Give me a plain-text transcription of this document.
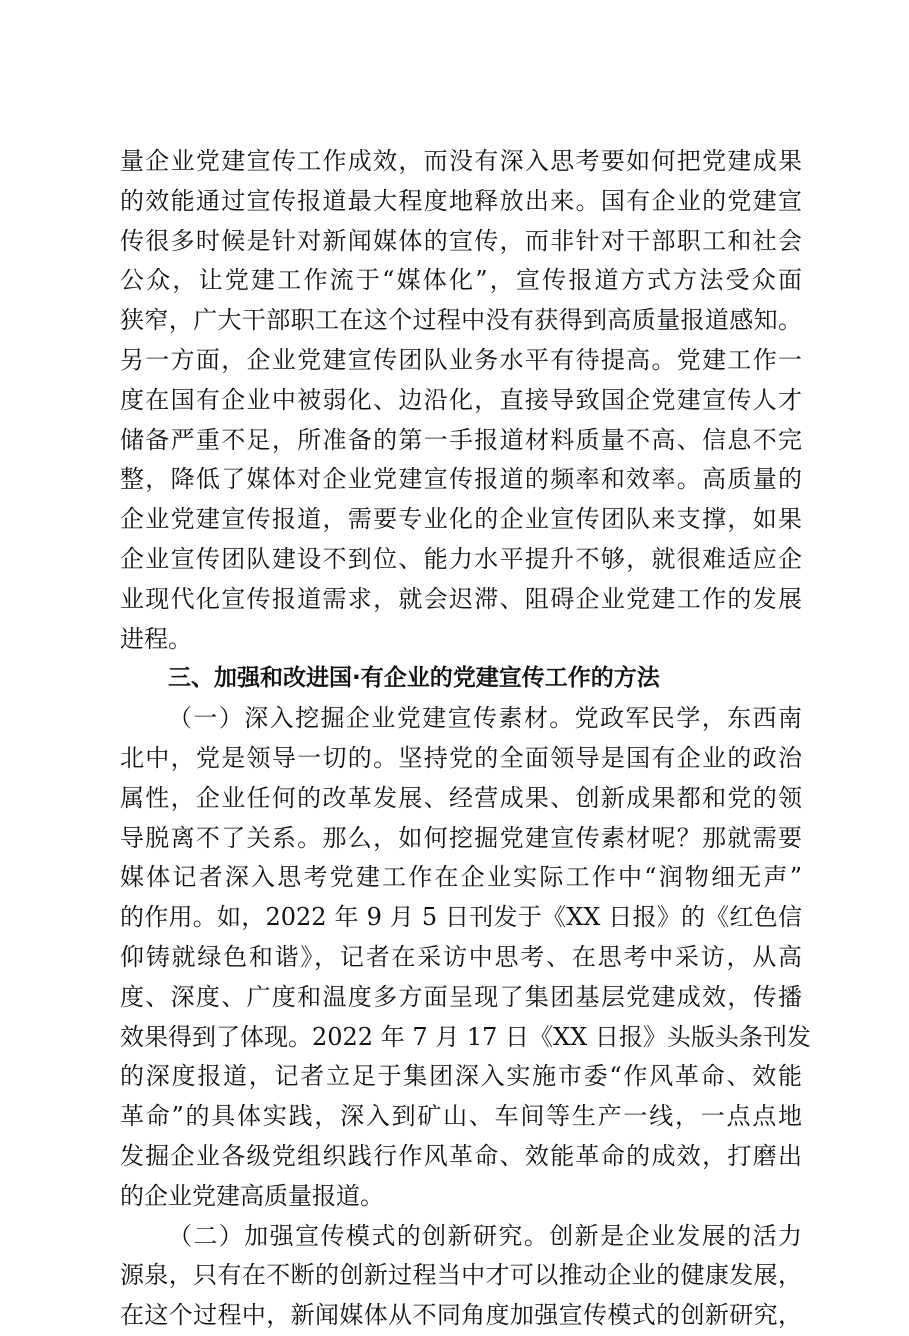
量企业党建宣传工作成效，而没有深入思考要如何把党建成果
的效能通过宣传报道最大程度地释放出来。国有企业的党建宣
传很多时候是针对新闻媒体的宣传，而非针对干部职工和社会
公众，让党建工作流于“媒体化”，宣传报道方式方法受众面
狭窄，广大干部职工在这个过程中没有获得到高质量报道感知。
另一方面，企业党建宣传团队业务水平有待提高。党建工作一
度在国有企业中被弱化、边沿化，直接导致国企党建宣传人才
储备严重不足，所准备的第一手报道材料质量不高、信息不完
整，降低了媒体对企业党建宣传报道的频率和效率。高质量的
企业党建宣传报道，需要专业化的企业宣传团队来支撑，如果
企业宣传团队建设不到位、能力水平提升不够，就很难适应企
业现代化宣传报道需求，就会迟滞、阻碍企业党建工作的发展
进程。
三、加强和改进国·有企业的党建宣传工作的方法
（一）深入挖掘企业党建宣传素材。党政军民学，东西南
北中，党是领导一切的。坚持党的全面领导是国有企业的政治
属性，企业任何的改革发展、经营成果、创新成果都和党的领
导脱离不了关系。那么，如何挖掘党建宣传素材呢？那就需要
媒体记者深入思考党建工作在企业实际工作中“润物细无声”
的作用。如，2022 年 9 月 5 日刊发于《XX 日报》的《红色信
仰铸就绿色和谐》，记者在采访中思考、在思考中采访，从高
度、深度、广度和温度多方面呈现了集团基层党建成效，传播
效果得到了体现。2022 年 7 月 17 日《XX 日报》头版头条刊发
的深度报道，记者立足于集团深入实施市委“作风革命、效能
革命”的具体实践，深入到矿山、车间等生产一线，一点点地
发掘企业各级党组织践行作风革命、效能革命的成效，打磨出
的企业党建高质量报道。
（二）加强宣传模式的创新研究。创新是企业发展的活力
源泉，只有在不断的创新过程当中才可以推动企业的健康发展，
在这个过程中，新闻媒体从不同角度加强宣传模式的创新研究，
